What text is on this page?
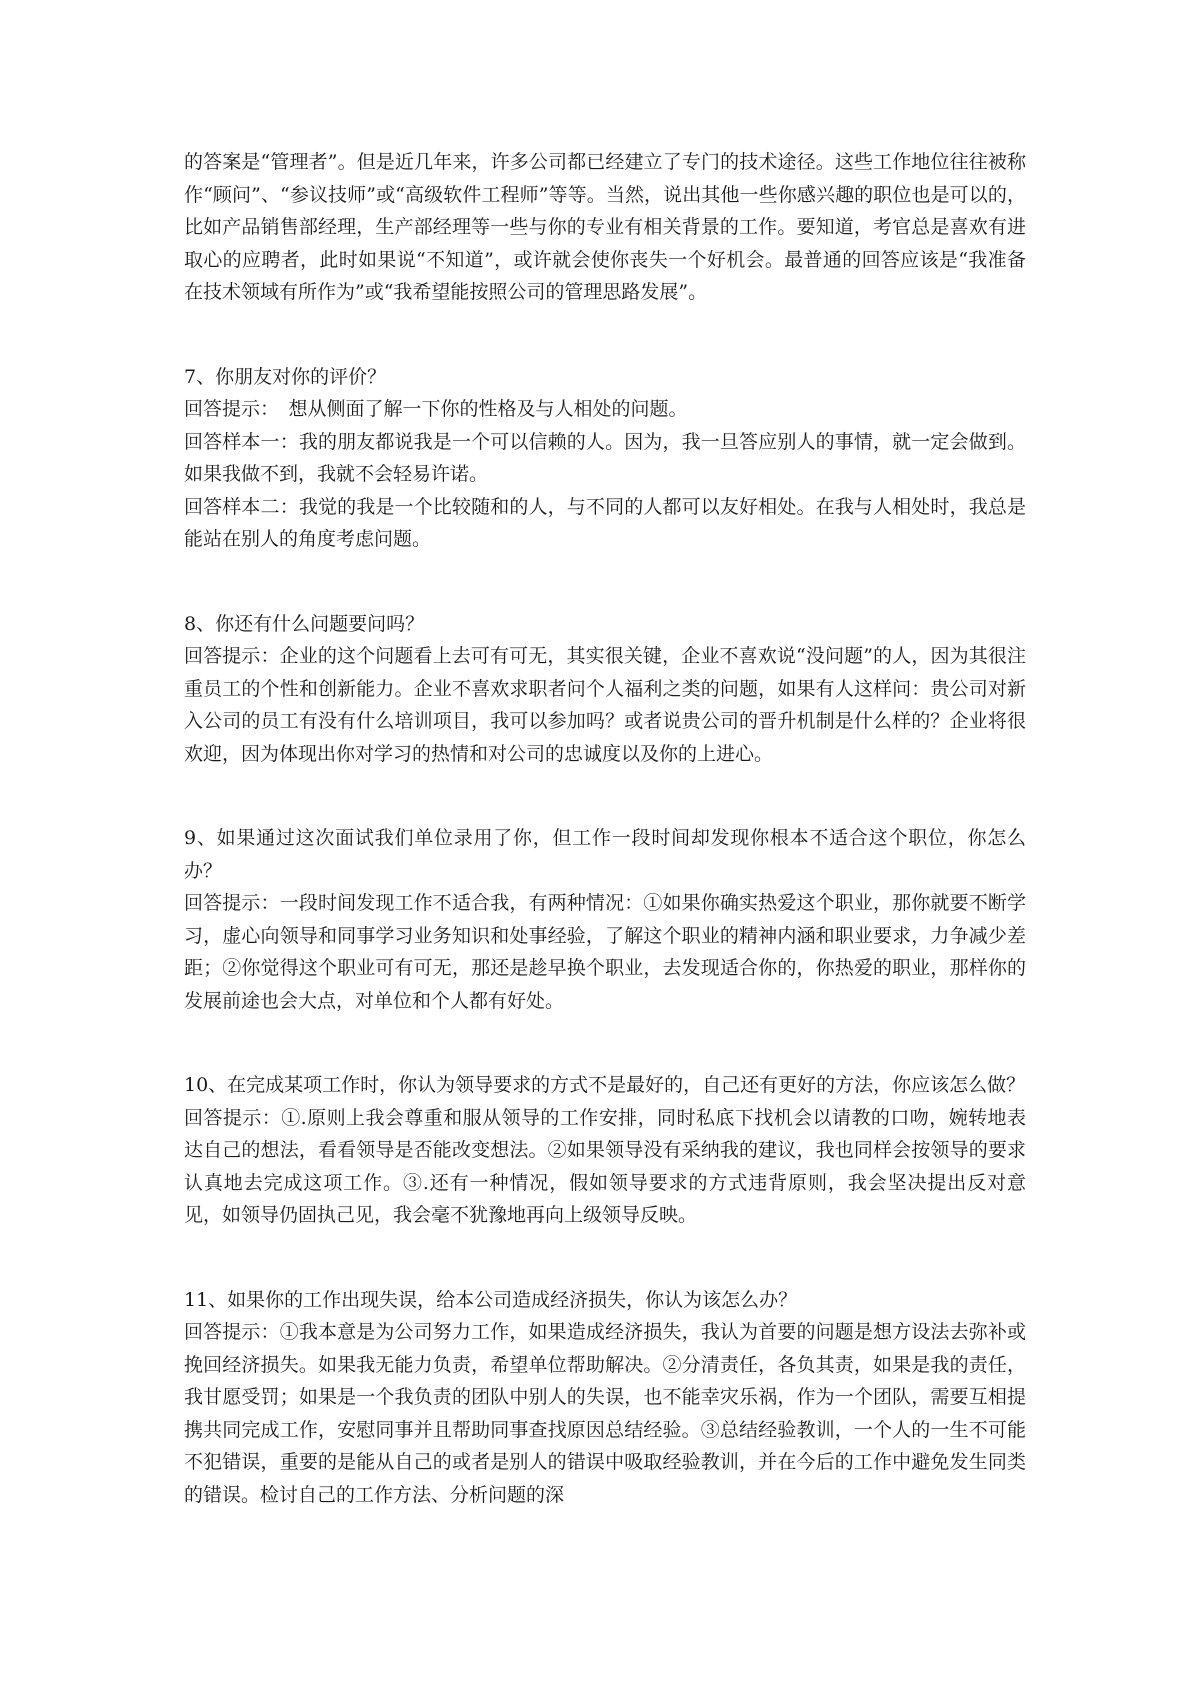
的答案是“管理者”。但是近几年来，许多公司都已经建立了专门的技术途径。这些工作地位往往被称作“顾问”、“参议技师”或“高级软件工程师”等等。当然，说出其他一些你感兴趣的职位也是可以的，比如产品销售部经理，生产部经理等一些与你的专业有相关背景的工作。要知道，考官总是喜欢有进取心的应聘者，此时如果说“不知道”，或许就会使你丧失一个好机会。最普通的回答应该是“我准备在技术领域有所作为”或“我希望能按照公司的管理思路发展”。

7、你朋友对你的评价？

回答提示：　想从侧面了解一下你的性格及与人相处的问题。

回答样本一：我的朋友都说我是一个可以信赖的人。因为，我一旦答应别人的事情，就一定会做到。如果我做不到，我就不会轻易许诺。

回答样本二：我觉的我是一个比较随和的人，与不同的人都可以友好相处。在我与人相处时，我总是能站在别人的角度考虑问题。

8、你还有什么问题要问吗？

回答提示：企业的这个问题看上去可有可无，其实很关键，企业不喜欢说“没问题”的人，因为其很注重员工的个性和创新能力。企业不喜欢求职者问个人福利之类的问题，如果有人这样问：贵公司对新入公司的员工有没有什么培训项目，我可以参加吗？或者说贵公司的晋升机制是什么样的？企业将很欢迎，因为体现出你对学习的热情和对公司的忠诚度以及你的上进心。

9、如果通过这次面试我们单位录用了你，但工作一段时间却发现你根本不适合这个职位，你怎么办？

回答提示：一段时间发现工作不适合我，有两种情况：①如果你确实热爱这个职业，那你就要不断学习，虚心向领导和同事学习业务知识和处事经验，了解这个职业的精神内涵和职业要求，力争减少差距；②你觉得这个职业可有可无，那还是趁早换个职业，去发现适合你的，你热爱的职业，那样你的发展前途也会大点，对单位和个人都有好处。

10、在完成某项工作时，你认为领导要求的方式不是最好的，自己还有更好的方法，你应该怎么做？

回答提示：①.原则上我会尊重和服从领导的工作安排，同时私底下找机会以请教的口吻，婉转地表达自己的想法，看看领导是否能改变想法。②如果领导没有采纳我的建议，我也同样会按领导的要求认真地去完成这项工作。③.还有一种情况，假如领导要求的方式违背原则，我会坚决提出反对意见，如领导仍固执己见，我会毫不犹豫地再向上级领导反映。

11、如果你的工作出现失误，给本公司造成经济损失，你认为该怎么办？

回答提示：①我本意是为公司努力工作，如果造成经济损失，我认为首要的问题是想方设法去弥补或挽回经济损失。如果我无能力负责，希望单位帮助解决。②分清责任，各负其责，如果是我的责任，我甘愿受罚；如果是一个我负责的团队中别人的失误，也不能幸灾乐祸，作为一个团队，需要互相提携共同完成工作，安慰同事并且帮助同事查找原因总结经验。③总结经验教训，一个人的一生不可能不犯错误，重要的是能从自己的或者是别人的错误中吸取经验教训，并在今后的工作中避免发生同类的错误。检讨自己的工作方法、分析问题的深
